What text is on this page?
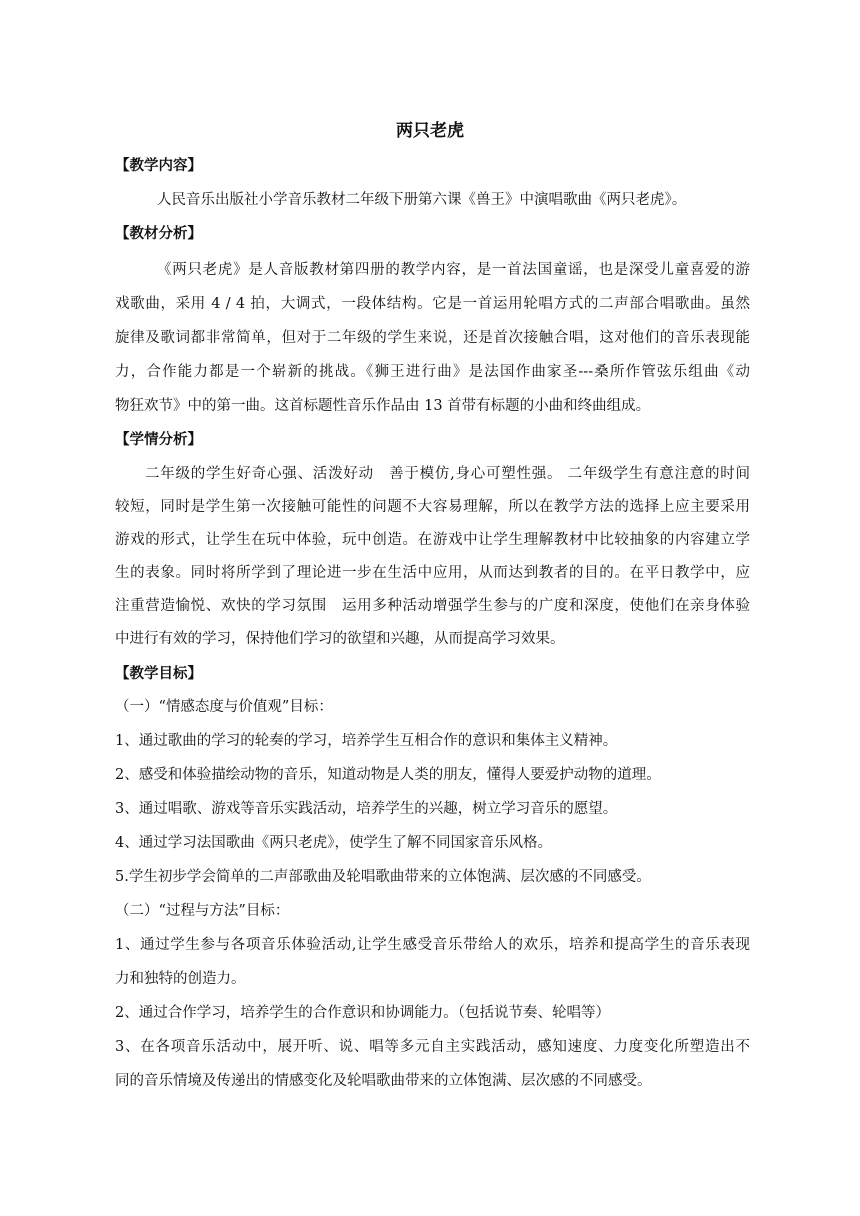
两只老虎
【教学内容】
人民音乐出版社小学音乐教材二年级下册第六课《兽王》中演唱歌曲《两只老虎》。
【教材分析】
《两只老虎》是人音版教材第四册的教学内容，是一首法国童谣，也是深受儿童喜爱的游
戏歌曲，采用 4 / 4 拍，大调式，一段体结构。它是一首运用轮唱方式的二声部合唱歌曲。虽然
旋律及歌词都非常简单，但对于二年级的学生来说，还是首次接触合唱，这对他们的音乐表现能
力，合作能力都是一个崭新的挑战。《狮王进行曲》是法国作曲家圣---桑所作管弦乐组曲《动
物狂欢节》中的第一曲。这首标题性音乐作品由 13 首带有标题的小曲和终曲组成。
【学情分析】
二年级的学生好奇心强、活泼好动　善于模仿,身心可塑性强。 二年级学生有意注意的时间
较短，同时是学生第一次接触可能性的问题不大容易理解，所以在教学方法的选择上应主要采用
游戏的形式，让学生在玩中体验，玩中创造。在游戏中让学生理解教材中比较抽象的内容建立学
生的表象。同时将所学到了理论进一步在生活中应用，从而达到教者的目的。在平日教学中，应
注重营造愉悦、欢快的学习氛围　运用多种活动增强学生参与的广度和深度，使他们在亲身体验
中进行有效的学习，保持他们学习的欲望和兴趣，从而提高学习效果。
【教学目标】
（一）“情感态度与价值观”目标：
1、通过歌曲的学习的轮奏的学习，培养学生互相合作的意识和集体主义精神。
2、感受和体验描绘动物的音乐，知道动物是人类的朋友，懂得人要爱护动物的道理。
3、通过唱歌、游戏等音乐实践活动，培养学生的兴趣，树立学习音乐的愿望。
4、通过学习法国歌曲《两只老虎》，使学生了解不同国家音乐风格。
5.学生初步学会简单的二声部歌曲及轮唱歌曲带来的立体饱满、层次感的不同感受。
（二）“过程与方法”目标：
1、通过学生参与各项音乐体验活动,让学生感受音乐带给人的欢乐，培养和提高学生的音乐表现
力和独特的创造力。
2、通过合作学习，培养学生的合作意识和协调能力。（包括说节奏、轮唱等）
3、在各项音乐活动中，展开听、说、唱等多元自主实践活动，感知速度、力度变化所塑造出不
同的音乐情境及传递出的情感变化及轮唱歌曲带来的立体饱满、层次感的不同感受。
